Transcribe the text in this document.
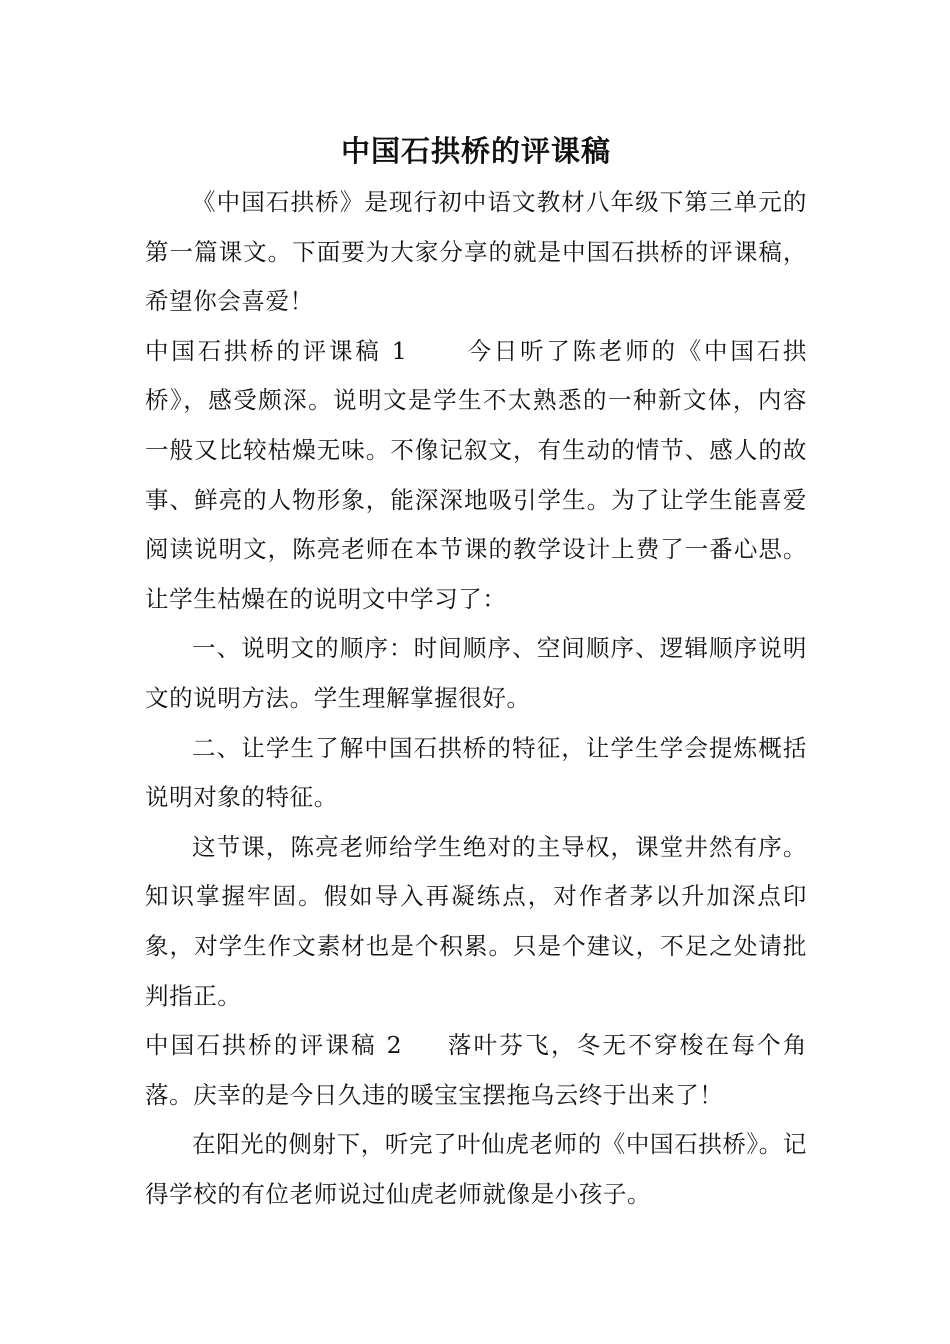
中国石拱桥的评课稿

《中国石拱桥》是现行初中语文教材八年级下第三单元的第一篇课文。下面要为大家分享的就是中国石拱桥的评课稿，希望你会喜爱！

中国石拱桥的评课稿 1 今日听了陈老师的《中国石拱桥》，感受颇深。说明文是学生不太熟悉的一种新文体，内容一般又比较枯燥无味。不像记叙文，有生动的情节、感人的故事、鲜亮的人物形象，能深深地吸引学生。为了让学生能喜爱阅读说明文，陈亮老师在本节课的教学设计上费了一番心思。让学生枯燥在的说明文中学习了：

一、说明文的顺序：时间顺序、空间顺序、逻辑顺序说明文的说明方法。学生理解掌握很好。

二、让学生了解中国石拱桥的特征，让学生学会提炼概括说明对象的特征。

这节课，陈亮老师给学生绝对的主导权，课堂井然有序。知识掌握牢固。假如导入再凝练点，对作者茅以升加深点印象，对学生作文素材也是个积累。只是个建议，不足之处请批判指正。

中国石拱桥的评课稿 2 落叶芬飞，冬无不穿梭在每个角落。庆幸的是今日久违的暖宝宝摆拖乌云终于出来了！

在阳光的侧射下，听完了叶仙虎老师的《中国石拱桥》。记得学校的有位老师说过仙虎老师就像是小孩子。
